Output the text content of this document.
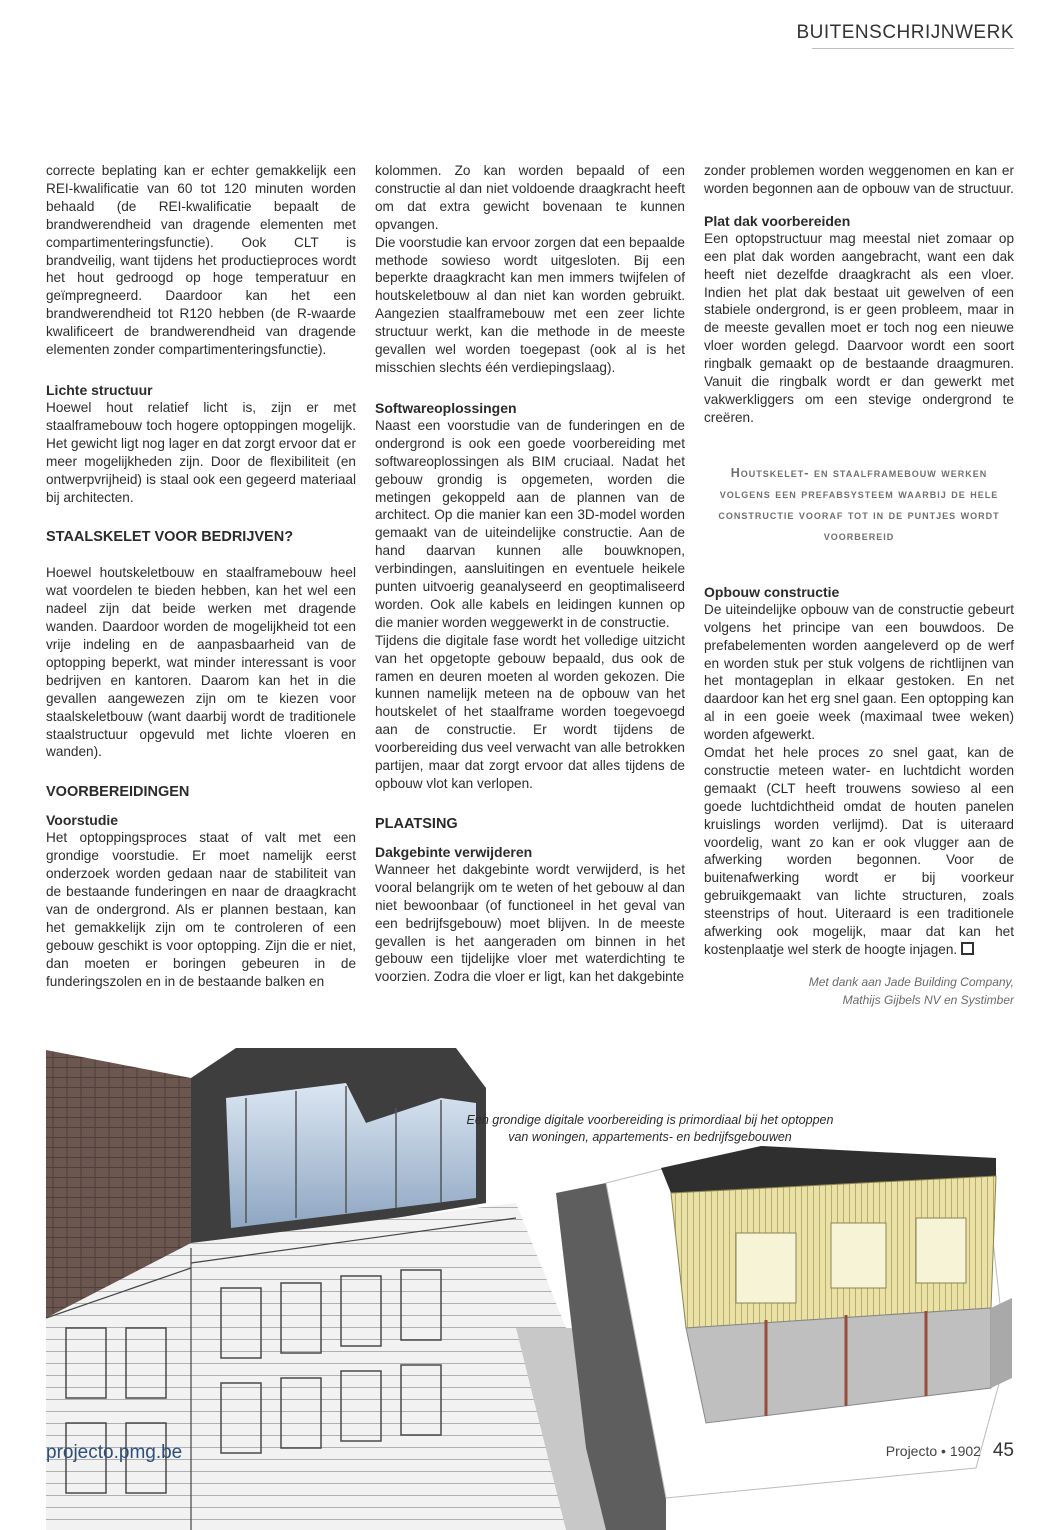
BUITENSCHRIJNWERK

correcte beplating kan er echter gemakkelijk een REI-kwalificatie van 60 tot 120 minuten worden behaald (de REI-kwalificatie bepaalt de brandwerendheid van dragende elementen met compartimenteringsfunctie). Ook CLT is brandveilig, want tijdens het productieproces wordt het hout gedroogd op hoge temperatuur en geïmpregneerd. Daardoor kan het een brandwerendheid tot R120 hebben (de R-waarde kwalificeert de brandwerendheid van dragende elementen zonder compartimenteringsfunctie).

Lichte structuur

Hoewel hout relatief licht is, zijn er met staalframebouw toch hogere optoppingen mogelijk. Het gewicht ligt nog lager en dat zorgt ervoor dat er meer mogelijkheden zijn. Door de flexibiliteit (en ontwerpvrijheid) is staal ook een gegeerd materiaal bij architecten.

STAALSKELET VOOR BEDRIJVEN?

Hoewel houtskeletbouw en staalframebouw heel wat voordelen te bieden hebben, kan het wel een nadeel zijn dat beide werken met dragende wanden. Daardoor worden de mogelijkheid tot een vrije indeling en de aanpasbaarheid van de optopping beperkt, wat minder interessant is voor bedrijven en kantoren. Daarom kan het in die gevallen aangewezen zijn om te kiezen voor staalskeletbouw (want daarbij wordt de traditionele staalstructuur opgevuld met lichte vloeren en wanden).

VOORBEREIDINGEN
Voorstudie

Het optoppingsproces staat of valt met een grondige voorstudie. Er moet namelijk eerst onderzoek worden gedaan naar de stabiliteit van de bestaande funderingen en naar de draagkracht van de ondergrond. Als er plannen bestaan, kan het gemakkelijk zijn om te controleren of een gebouw geschikt is voor optopping. Zijn die er niet, dan moeten er boringen gebeuren in de funderingszolen en in de bestaande balken en

kolommen. Zo kan worden bepaald of een constructie al dan niet voldoende draagkracht heeft om dat extra gewicht bovenaan te kunnen opvangen.

Die voorstudie kan ervoor zorgen dat een bepaalde methode sowieso wordt uitgesloten. Bij een beperkte draagkracht kan men immers twijfelen of houtskeletbouw al dan niet kan worden gebruikt. Aangezien staalframebouw met een zeer lichte structuur werkt, kan die methode in de meeste gevallen wel worden toegepast (ook al is het misschien slechts één verdiepingslaag).

Softwareoplossingen

Naast een voorstudie van de funderingen en de ondergrond is ook een goede voorbereiding met softwareoplossingen als BIM cruciaal. Nadat het gebouw grondig is opgemeten, worden die metingen gekoppeld aan de plannen van de architect. Op die manier kan een 3D-model worden gemaakt van de uiteindelijke constructie. Aan de hand daarvan kunnen alle bouwknopen, verbindingen, aansluitingen en eventuele heikele punten uitvoerig geanalyseerd en geoptimaliseerd worden. Ook alle kabels en leidingen kunnen op die manier worden weggewerkt in de constructie.

Tijdens die digitale fase wordt het volledige uitzicht van het opgetopte gebouw bepaald, dus ook de ramen en deuren moeten al worden gekozen. Die kunnen namelijk meteen na de opbouw van het houtskelet of het staalframe worden toegevoegd aan de constructie. Er wordt tijdens de voorbereiding dus veel verwacht van alle betrokken partijen, maar dat zorgt ervoor dat alles tijdens de opbouw vlot kan verlopen.

PLAATSING
Dakgebinte verwijderen

Wanneer het dakgebinte wordt verwijderd, is het vooral belangrijk om te weten of het gebouw al dan niet bewoonbaar (of functioneel in het geval van een bedrijfsgebouw) moet blijven. In de meeste gevallen is het aangeraden om binnen in het gebouw een tijdelijke vloer met waterdichting te voorzien. Zodra die vloer er ligt, kan het dakgebinte

zonder problemen worden weggenomen en kan er worden begonnen aan de opbouw van de structuur.

Plat dak voorbereiden

Een optopstructuur mag meestal niet zomaar op een plat dak worden aangebracht, want een dak heeft niet dezelfde draagkracht als een vloer. Indien het plat dak bestaat uit gewelven of een stabiele ondergrond, is er geen probleem, maar in de meeste gevallen moet er toch nog een nieuwe vloer worden gelegd. Daarvoor wordt een soort ringbalk gemaakt op de bestaande draagmuren. Vanuit die ringbalk wordt er dan gewerkt met vakwerkliggers om een stevige ondergrond te creëren.

Houtskelet- en staalframebouw werken volgens een prefabsysteem waarbij de hele constructie vooraf tot in de puntjes wordt voorbereid
Opbouw constructie

De uiteindelijke opbouw van de constructie gebeurt volgens het principe van een bouwdoos. De prefabelementen worden aangeleverd op de werf en worden stuk per stuk volgens de richtlijnen van het montageplan in elkaar gestoken. En net daardoor kan het erg snel gaan. Een optopping kan al in een goeie week (maximaal twee weken) worden afgewerkt.

Omdat het hele proces zo snel gaat, kan de constructie meteen water- en luchtdicht worden gemaakt (CLT heeft trouwens sowieso al een goede luchtdichtheid omdat de houten panelen kruislings worden verlijmd). Dat is uiteraard voordelig, want zo kan er ook vlugger aan de afwerking worden begonnen. Voor de buitenafwerking wordt er bij voorkeur gebruikgemaakt van lichte structuren, zoals steenstrips of hout. Uiteraard is een traditionele afwerking ook mogelijk, maar dat kan het kostenplaatje wel sterk de hoogte injagen.

Met dank aan Jade Building Company,
Mathijs Gijbels NV en Systimber
Een grondige digitale voorbereiding is primordiaal bij het optoppen
van woningen, appartements- en bedrijfsgebouwen
projecto.pmg.be	Projecto • 1902 45
